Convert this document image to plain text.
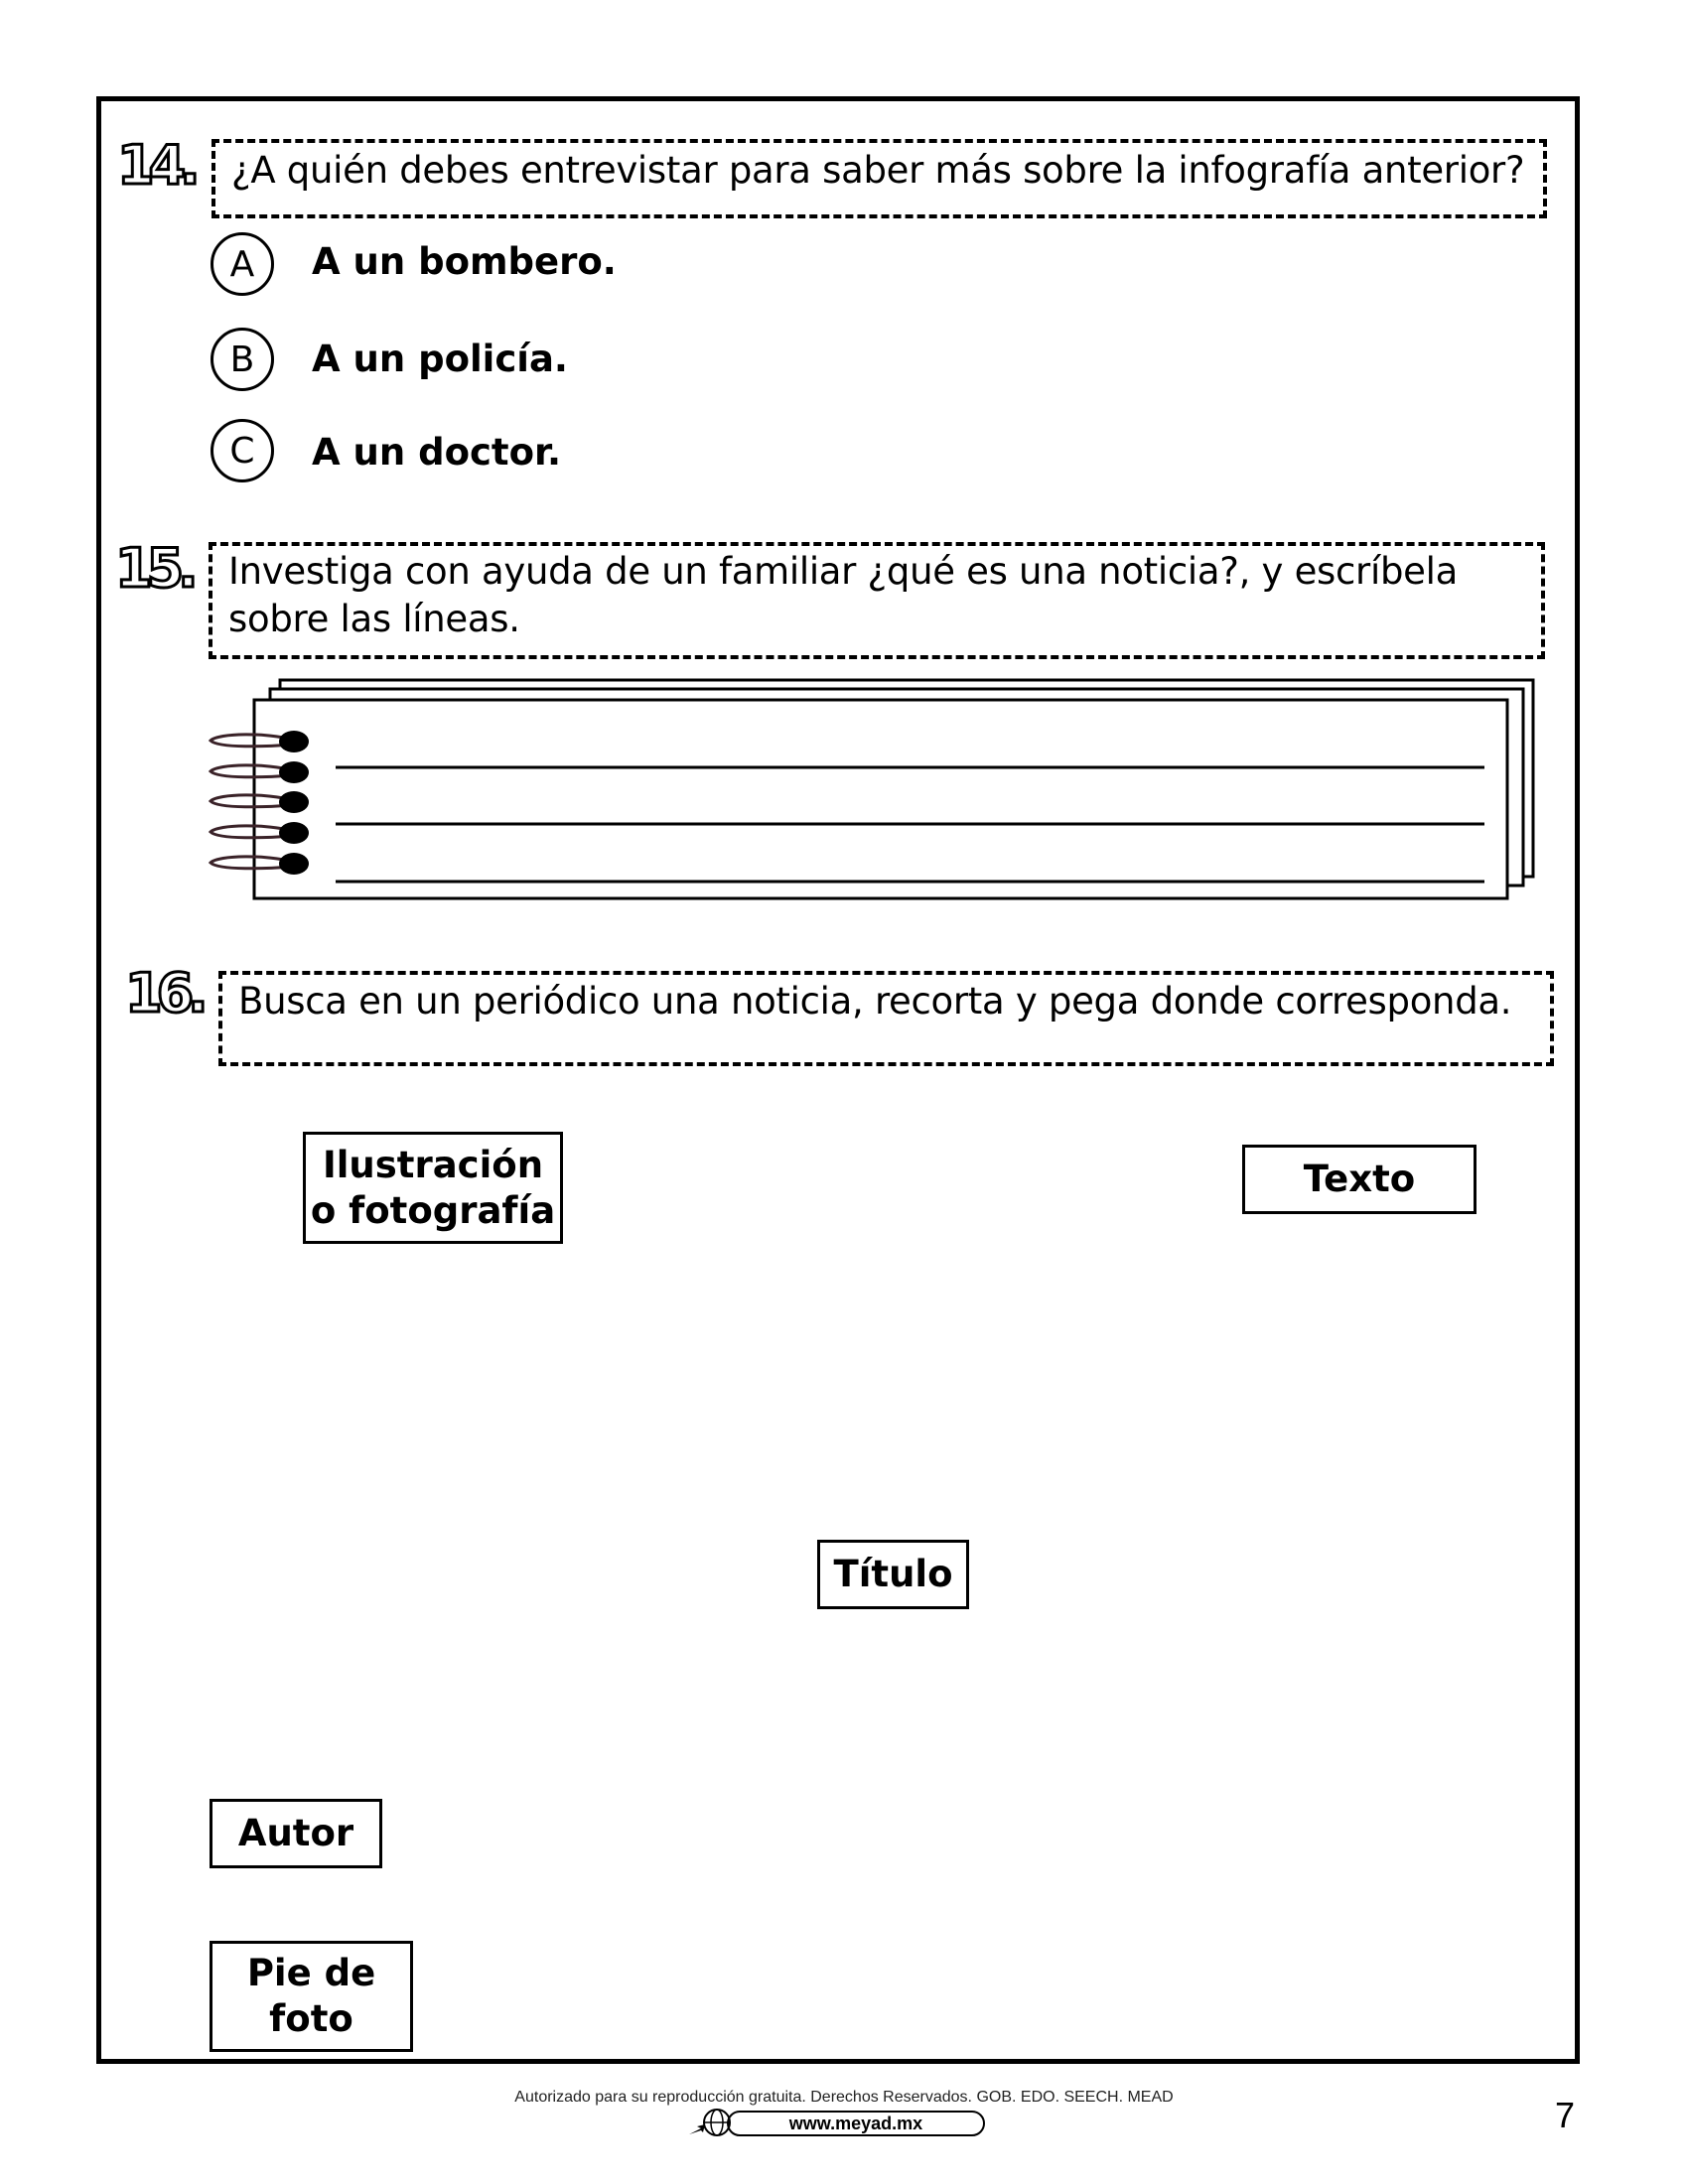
14. ¿A quién debes entrevistar para saber más sobre la infografía anterior?
A	A un bombero.
B	A un policía.
C	A un doctor.
15. Investiga con ayuda de un familiar ¿qué es una noticia?, y escríbela
sobre las líneas.
16. Busca en un periódico una noticia, recorta y pega donde corresponda.
Ilustración
o fotografía
Texto
Título
Autor
Pie de
foto
Autorizado para su reproducción gratuita. Derechos Reservados. GOB. EDO. SEECH. MEAD
www.meyad.mx	7
